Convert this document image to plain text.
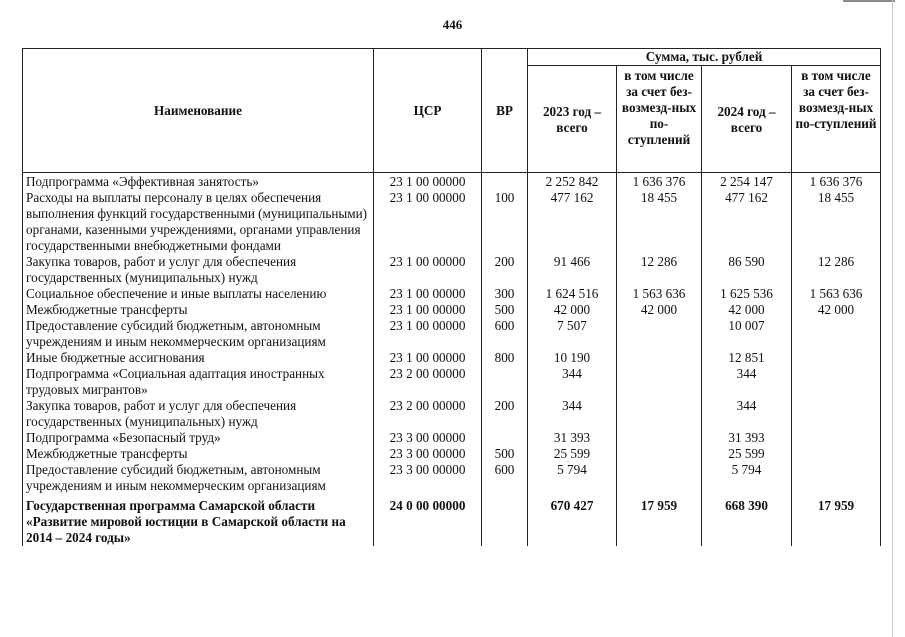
446
Наименование	ЦСР	ВР	Сумма, тыс. рублей			
			2023 год – всего	в том числе за счет без-возмезд-ных по-ступлений	2024 год – всего	в том числе за счет без-возмезд-ных по-ступлений
Подпрограмма «Эффективная занятость»	23 1 00 00000		2 252 842	1 636 376	2 254 147	1 636 376
Расходы на выплаты персоналу в целях обеспечения выполнения функций государственными (муниципальными) органами, казенными учреждениями, органами управления государственными внебюджетными фондами	23 1 00 00000	100	477 162	18 455	477 162	18 455
Закупка товаров, работ и услуг для обеспечения государственных (муниципальных) нужд	23 1 00 00000	200	91 466	12 286	86 590	12 286
Социальное обеспечение и иные выплаты населению	23 1 00 00000	300	1 624 516	1 563 636	1 625 536	1 563 636
Межбюджетные трансферты	23 1 00 00000	500	42 000	42 000	42 000	42 000
Предоставление субсидий бюджетным, автономным учреждениям и иным некоммерческим организациям	23 1 00 00000	600	7 507		10 007	
Иные бюджетные ассигнования	23 1 00 00000	800	10 190		12 851	
Подпрограмма «Социальная адаптация иностранных трудовых мигрантов»	23 2 00 00000		344		344	
Закупка товаров, работ и услуг для обеспечения государственных (муниципальных) нужд	23 2 00 00000	200	344		344	
Подпрограмма «Безопасный труд»	23 3 00 00000		31 393		31 393	
Межбюджетные трансферты	23 3 00 00000	500	25 599		25 599	
Предоставление субсидий бюджетным, автономным учреждениям и иным некоммерческим организациям	23 3 00 00000	600	5 794		5 794	
Государственная программа Самарской области «Развитие мировой юстиции в Самарской области на 2014 – 2024 годы»	24 0 00 00000		670 427	17 959	668 390	17 959
